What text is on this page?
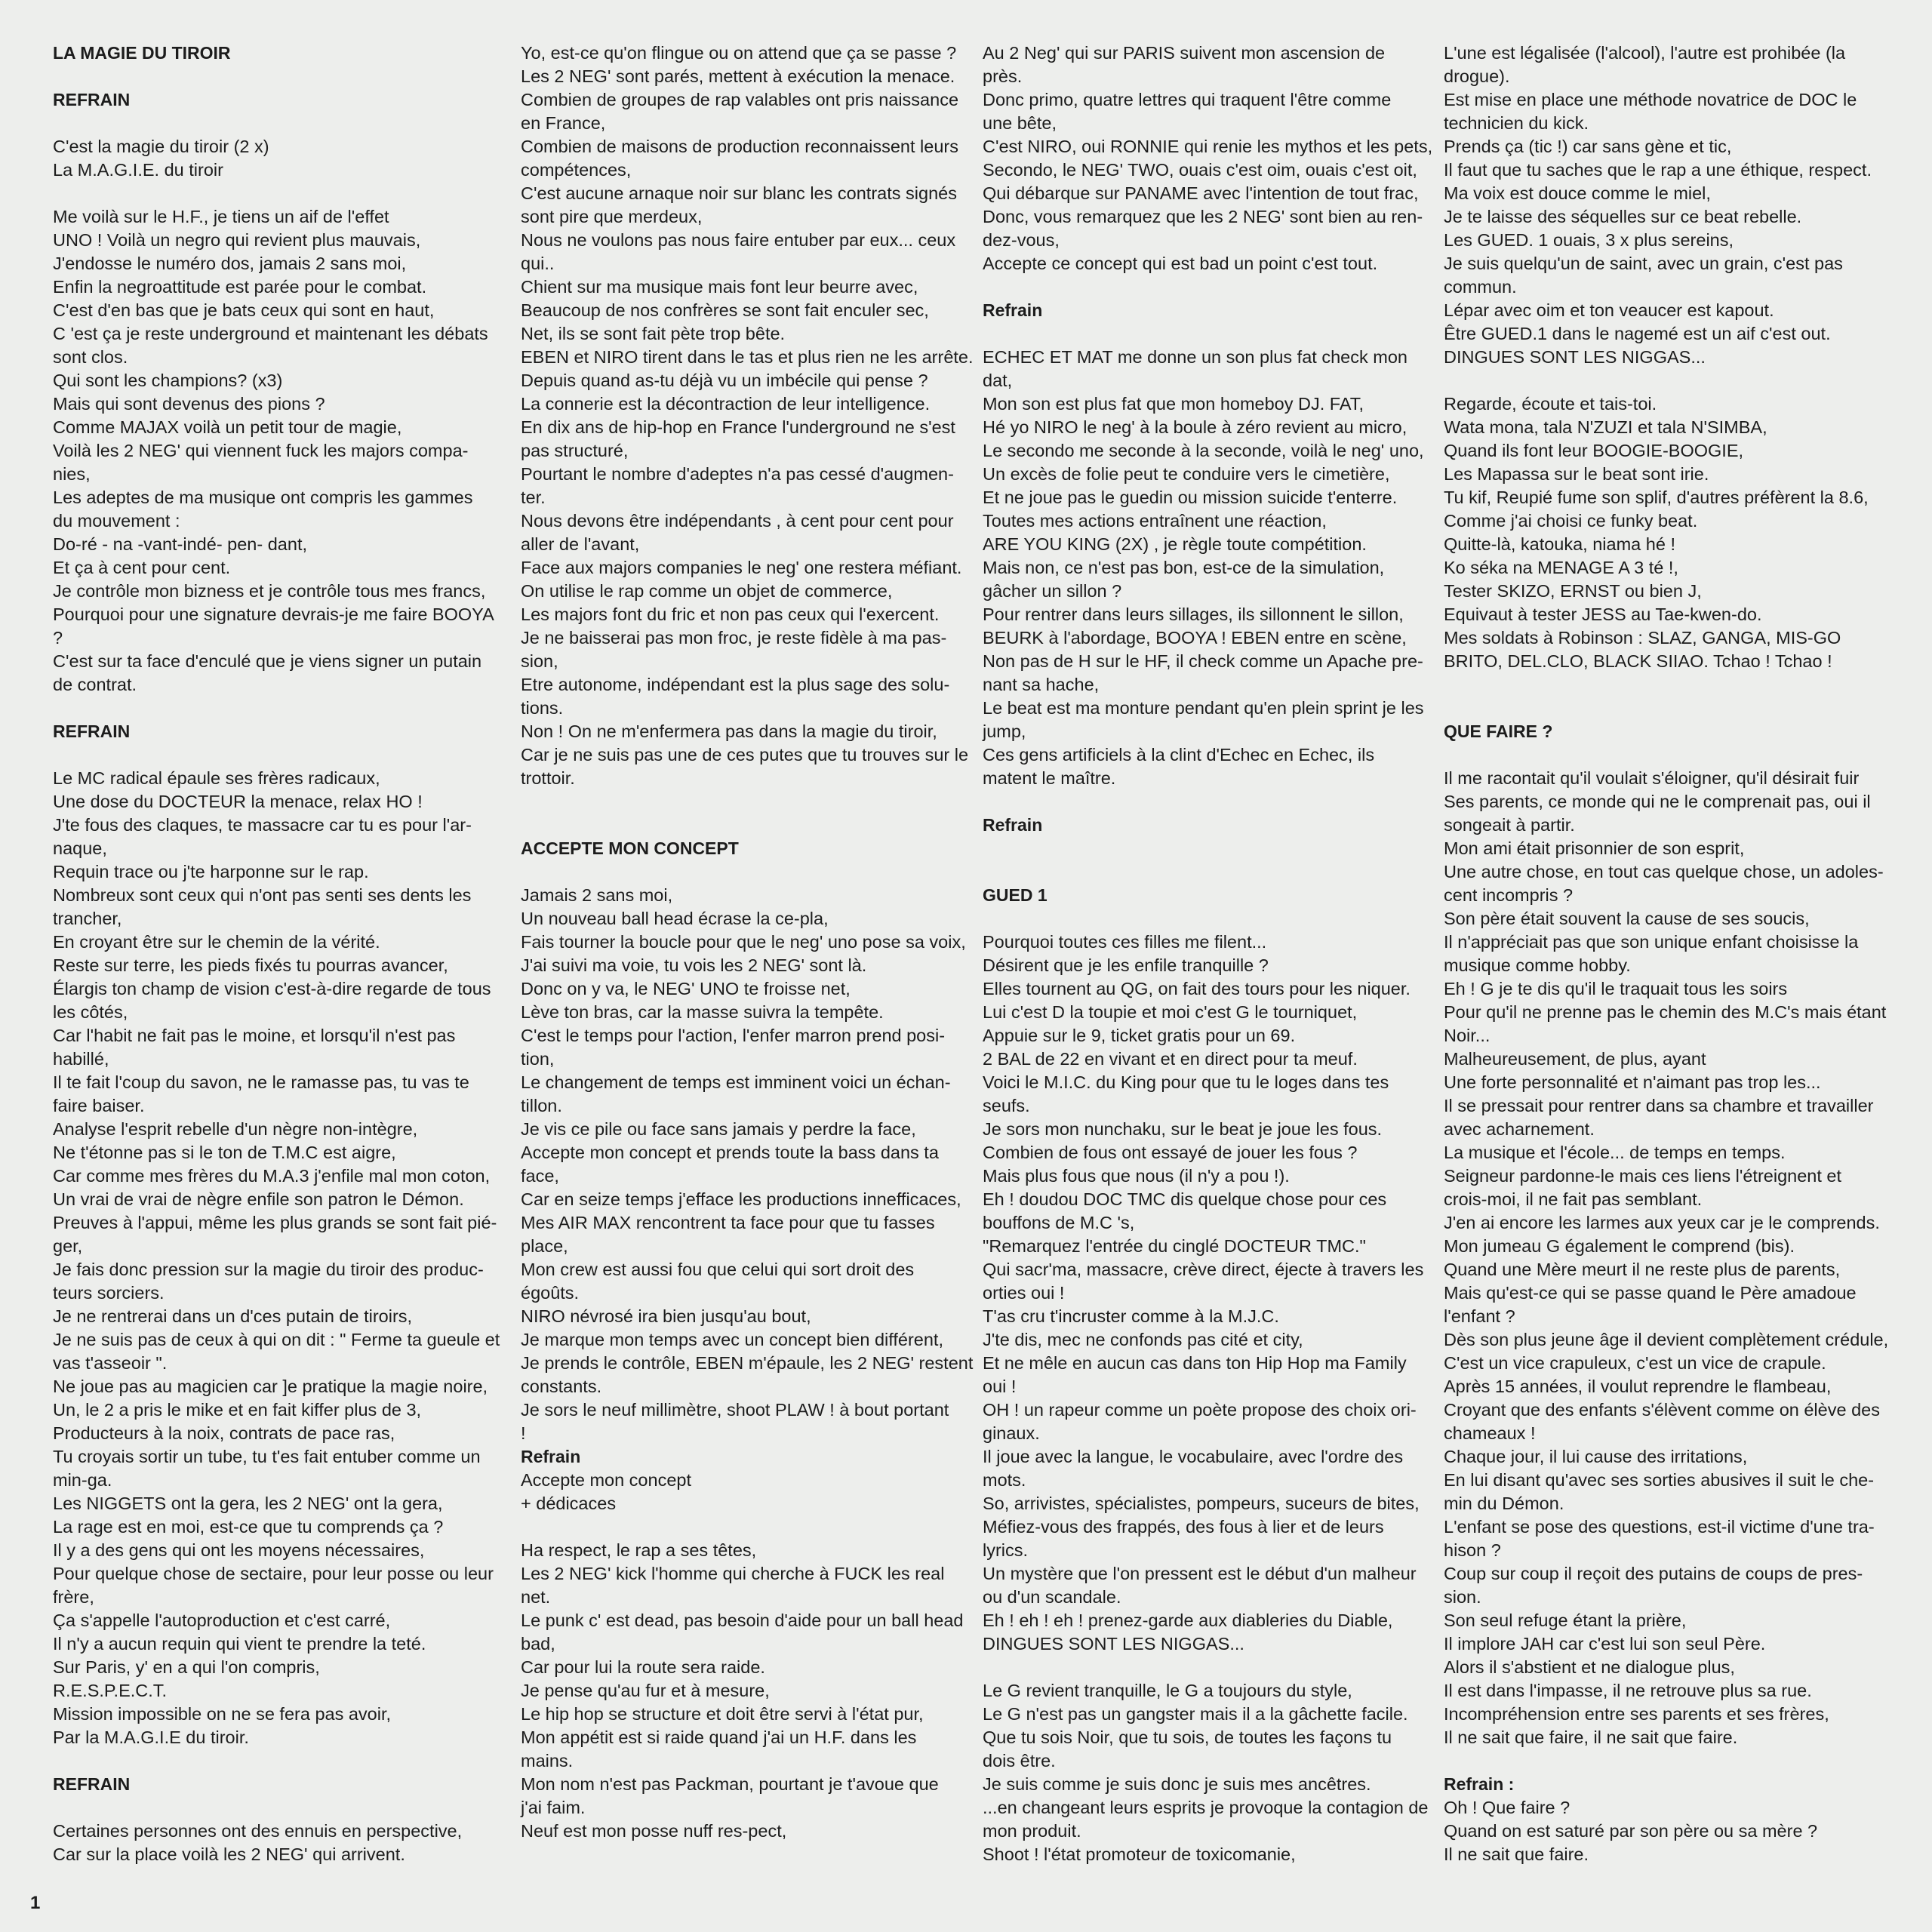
LA MAGIE DU TIROIR
REFRAIN
C'est la magie du tiroir (2 x)
La M.A.G.I.E. du tiroir
Me voilà sur le H.F., je tiens un aif de l'effet
UNO ! Voilà un negro qui revient plus mauvais,
J'endosse le numéro dos, jamais 2 sans moi,
Enfin la negroattitude est parée pour le combat.
C'est d'en bas que je bats ceux qui sont en haut,
C 'est ça je reste underground et maintenant les débats
sont clos.
Qui sont les champions? (x3)
Mais qui sont devenus des pions ?
Comme MAJAX voilà un petit tour de magie,
Voilà les 2 NEG' qui viennent fuck les majors compa-
nies,
Les adeptes de ma musique ont compris les gammes
du mouvement :
Do-ré - na -vant-indé- pen- dant,
Et ça à cent pour cent.
Je contrôle mon bizness et je contrôle tous mes francs,
Pourquoi pour une signature devrais-je me faire BOOYA
?
C'est sur ta face d'enculé que je viens signer un putain
de contrat.
REFRAIN
Le MC radical épaule ses frères radicaux,
Une dose du DOCTEUR la menace, relax HO !
J'te fous des claques, te massacre car tu es pour l'ar-
naque,
Requin trace ou j'te harponne sur le rap.
Nombreux sont ceux qui n'ont pas senti ses dents les
trancher,
En croyant être sur le chemin de la vérité.
Reste sur terre, les pieds fixés tu pourras avancer,
Élargis ton champ de vision c'est-à-dire regarde de tous
les côtés,
Car l'habit ne fait pas le moine, et lorsqu'il n'est pas
habillé,
Il te fait l'coup du savon, ne le ramasse pas, tu vas te
faire baiser.
Analyse l'esprit rebelle d'un nègre non-intègre,
Ne t'étonne pas si le ton de T.M.C est aigre,
Car comme mes frères du M.A.3 j'enfile mal mon coton,
Un vrai de vrai de nègre enfile son patron le Démon.
Preuves à l'appui, même les plus grands se sont fait pié-
ger,
Je fais donc pression sur la magie du tiroir des produc-
teurs sorciers.
Je ne rentrerai dans un d'ces putain de tiroirs,
Je ne suis pas de ceux à qui on dit : " Ferme ta gueule et
vas t'asseoir ".
Ne joue pas au magicien car ]e pratique la magie noire,
Un, le 2 a pris le mike et en fait kiffer plus de 3,
Producteurs à la noix, contrats de pace ras,
Tu croyais sortir un tube, tu t'es fait entuber comme un
min-ga.
Les NIGGETS ont la gera, les 2 NEG' ont la gera,
La rage est en moi, est-ce que tu comprends ça ?
Il y a des gens qui ont les moyens nécessaires,
Pour quelque chose de sectaire, pour leur posse ou leur
frère,
Ça s'appelle l'autoproduction et c'est carré,
Il n'y a aucun requin qui vient te prendre la teté.
Sur Paris, y' en a qui l'on compris,
R.E.S.P.E.C.T.
Mission impossible on ne se fera pas avoir,
Par la M.A.G.I.E du tiroir.
REFRAIN
Certaines personnes ont des ennuis en perspective,
Car sur la place voilà les 2 NEG' qui arrivent.
Yo, est-ce qu'on flingue ou on attend que ça se passe ?
Les 2 NEG' sont parés, mettent à exécution la menace.
Combien de groupes de rap valables ont pris naissance
en France,
Combien de maisons de production reconnaissent leurs
compétences,
C'est aucune arnaque noir sur blanc les contrats signés
sont pire que merdeux,
Nous ne voulons pas nous faire entuber par eux... ceux
qui..
Chient sur ma musique mais font leur beurre avec,
Beaucoup de nos confrères se sont fait enculer sec,
Net, ils se sont fait pète trop bête.
EBEN et NIRO tirent dans le tas et plus rien ne les arrête.
Depuis quand as-tu déjà vu un imbécile qui pense ?
La connerie est la décontraction de leur intelligence.
En dix ans de hip-hop en France l'underground ne s'est
pas structuré,
Pourtant le nombre d'adeptes n'a pas cessé d'augmen-
ter.
Nous devons être indépendants , à cent pour cent pour
aller de l'avant,
Face aux majors companies le neg' one restera méfiant.
On utilise le rap comme un objet de commerce,
Les majors font du fric et non pas ceux qui l'exercent.
Je ne baisserai pas mon froc, je reste fidèle à ma pas-
sion,
Etre autonome, indépendant est la plus sage des solu-
tions.
Non ! On ne m'enfermera pas dans la magie du tiroir,
Car je ne suis pas une de ces putes que tu trouves sur le
trottoir.
ACCEPTE MON CONCEPT
Jamais 2 sans moi,
Un nouveau ball head écrase la ce-pla,
Fais tourner la boucle pour que le neg' uno pose sa voix,
J'ai suivi ma voie, tu vois les 2 NEG' sont là.
Donc on y va, le NEG' UNO te froisse net,
Lève ton bras, car la masse suivra la tempête.
C'est le temps pour l'action, l'enfer marron prend posi-
tion,
Le changement de temps est imminent voici un échan-
tillon.
Je vis ce pile ou face sans jamais y perdre la face,
Accepte mon concept et prends toute la bass dans ta
face,
Car en seize temps j'efface les productions innefficaces,
Mes AIR MAX rencontrent ta face pour que tu fasses
place,
Mon crew est aussi fou que celui qui sort droit des
égoûts.
NIRO névrosé ira bien jusqu'au bout,
Je marque mon temps avec un concept bien différent,
Je prends le contrôle, EBEN m'épaule, les 2 NEG' restent
constants.
Je sors le neuf millimètre, shoot PLAW ! à bout portant
!
Refrain
Accepte mon concept
+ dédicaces
Ha respect, le rap a ses têtes,
Les 2 NEG' kick l'homme qui cherche à FUCK les real
net.
Le punk c' est dead, pas besoin d'aide pour un ball head
bad,
Car pour lui la route sera raide.
Je pense qu'au fur et à mesure,
Le hip hop se structure et doit être servi à l'état pur,
Mon appétit est si raide quand j'ai un H.F. dans les
mains.
Mon nom n'est pas Packman, pourtant je t'avoue que
j'ai faim.
Neuf est mon posse nuff res-pect,
Au 2 Neg' qui sur PARIS suivent mon ascension de
près.
Donc primo, quatre lettres qui traquent l'être comme
une bête,
C'est NIRO, oui RONNIE qui renie les mythos et les pets,
Secondo, le NEG' TWO, ouais c'est oim, ouais c'est oit,
Qui débarque sur PANAME avec l'intention de tout frac,
Donc, vous remarquez que les 2 NEG' sont bien au ren-
dez-vous,
Accepte ce concept qui est bad un point c'est tout.
Refrain
ECHEC ET MAT me donne un son plus fat check mon
dat,
Mon son est plus fat que mon homeboy DJ. FAT,
Hé yo NIRO le neg' à la boule à zéro revient au micro,
Le secondo me seconde à la seconde, voilà le neg' uno,
Un excès de folie peut te conduire vers le cimetière,
Et ne joue pas le guedin ou mission suicide t'enterre.
Toutes mes actions entraînent une réaction,
ARE YOU KING (2X) , je règle toute compétition.
Mais non, ce n'est pas bon, est-ce de la simulation,
gâcher un sillon ?
Pour rentrer dans leurs sillages, ils sillonnent le sillon,
BEURK à l'abordage, BOOYA ! EBEN entre en scène,
Non pas de H sur le HF, il check comme un Apache pre-
nant sa hache,
Le beat est ma monture pendant qu'en plein sprint je les
jump,
Ces gens artificiels à la clint d'Echec en Echec, ils
matent le maître.
Refrain
GUED 1
Pourquoi toutes ces filles me filent...
Désirent que je les enfile tranquille ?
Elles tournent au QG, on fait des tours pour les niquer.
Lui c'est D la toupie et moi c'est G le tourniquet,
Appuie sur le 9, ticket gratis pour un 69.
2 BAL de 22 en vivant et en direct pour ta meuf.
Voici le M.I.C. du King pour que tu le loges dans tes
seufs.
Je sors mon nunchaku, sur le beat je joue les fous.
Combien de fous ont essayé de jouer les fous ?
Mais plus fous que nous (il n'y a pou !).
Eh ! doudou DOC TMC dis quelque chose pour ces
bouffons de M.C 's,
"Remarquez l'entrée du cinglé DOCTEUR TMC."
Qui sacr'ma, massacre, crève direct, éjecte à travers les
orties oui !
T'as cru t'incruster comme à la M.J.C.
J'te dis, mec ne confonds pas cité et city,
Et ne mêle en aucun cas dans ton Hip Hop ma Family
oui !
OH ! un rapeur comme un poète propose des choix ori-
ginaux.
Il joue avec la langue, le vocabulaire, avec l'ordre des
mots.
So, arrivistes, spécialistes, pompeurs, suceurs de bites,
Méfiez-vous des frappés, des fous à lier et de leurs
lyrics.
Un mystère que l'on pressent est le début d'un malheur
ou d'un scandale.
Eh ! eh ! eh ! prenez-garde aux diableries du Diable,
DINGUES SONT LES NIGGAS...
Le G revient tranquille, le G a toujours du style,
Le G n'est pas un gangster mais il a la gâchette facile.
Que tu sois Noir, que tu sois, de toutes les façons tu
dois être.
Je suis comme je suis donc je suis mes ancêtres.
...en changeant leurs esprits je provoque la contagion de
mon produit.
Shoot ! l'état promoteur de toxicomanie,
L'une est légalisée (l'alcool), l'autre est prohibée (la
drogue).
Est mise en place une méthode novatrice de DOC le
technicien du kick.
Prends ça (tic !) car sans gène et tic,
Il faut que tu saches que le rap a une éthique, respect.
Ma voix est douce comme le miel,
Je te laisse des séquelles sur ce beat rebelle.
Les GUED. 1 ouais, 3 x plus sereins,
Je suis quelqu'un de saint, avec un grain, c'est pas
commun.
Lépar avec oim et ton veaucer est kapout.
Être GUED.1 dans le nagemé est un aif c'est out.
DINGUES SONT LES NIGGAS...
Regarde, écoute et tais-toi.
Wata mona, tala N'ZUZI et tala N'SIMBA,
Quand ils font leur BOOGIE-BOOGIE,
Les Mapassa sur le beat sont irie.
Tu kif, Reupié fume son splif, d'autres préfèrent la 8.6,
Comme j'ai choisi ce funky beat.
Quitte-là, katouka, niama hé !
Ko séka na MENAGE A 3 té !,
Tester SKIZO, ERNST ou bien J,
Equivaut à tester JESS au Tae-kwen-do.
Mes soldats à Robinson : SLAZ, GANGA, MIS-GO
BRITO, DEL.CLO, BLACK SIIAO. Tchao ! Tchao !
QUE FAIRE ?
Il me racontait qu'il voulait s'éloigner, qu'il désirait fuir
Ses parents, ce monde qui ne le comprenait pas, oui il
songeait à partir.
Mon ami était prisonnier de son esprit,
Une autre chose, en tout cas quelque chose, un adoles-
cent incompris ?
Son père était souvent la cause de ses soucis,
Il n'appréciait pas que son unique enfant choisisse la
musique comme hobby.
Eh ! G je te dis qu'il le traquait tous les soirs
Pour qu'il ne prenne pas le chemin des M.C's mais étant
Noir...
Malheureusement, de plus, ayant
Une forte personnalité et n'aimant pas trop les...
Il se pressait pour rentrer dans sa chambre et travailler
avec acharnement.
La musique et l'école... de temps en temps.
Seigneur pardonne-le mais ces liens l'étreignent et
crois-moi, il ne fait pas semblant.
J'en ai encore les larmes aux yeux car je le comprends.
Mon jumeau G également le comprend (bis).
Quand une Mère meurt il ne reste plus de parents,
Mais qu'est-ce qui se passe quand le Père amadoue
l'enfant ?
Dès son plus jeune âge il devient complètement crédule,
C'est un vice crapuleux, c'est un vice de crapule.
Après 15 années, il voulut reprendre le flambeau,
Croyant que des enfants s'élèvent comme on élève des
chameaux !
Chaque jour, il lui cause des irritations,
En lui disant qu'avec ses sorties abusives il suit le che-
min du Démon.
L'enfant se pose des questions, est-il victime d'une tra-
hison ?
Coup sur coup il reçoit des putains de coups de pres-
sion.
Son seul refuge étant la prière,
Il implore JAH car c'est lui son seul Père.
Alors il s'abstient et ne dialogue plus,
Il est dans l'impasse, il ne retrouve plus sa rue.
Incompréhension entre ses parents et ses frères,
Il ne sait que faire, il ne sait que faire.
Refrain :
Oh ! Que faire ?
Quand on est saturé par son père ou sa mère ?
Il ne sait que faire.
1
